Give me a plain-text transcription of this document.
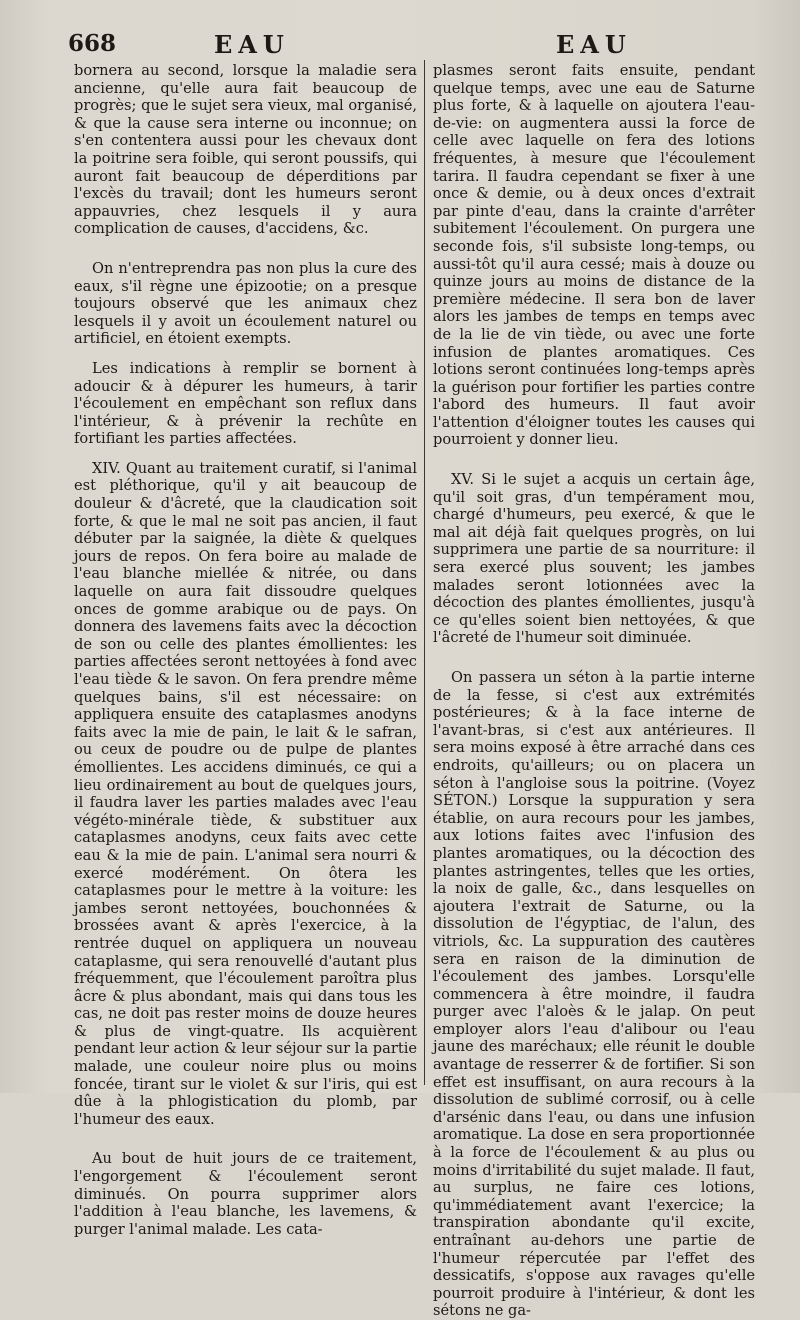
668	EAU	EAU

bornera au second, lorsque la maladie sera ancienne, qu'elle aura fait beaucoup de progrès; que le sujet sera vieux, mal organisé, & que la cause sera interne ou inconnue; on s'en contentera aussi pour les chevaux dont la poitrine sera foible, qui seront poussifs, qui auront fait beaucoup de déperditions par l'excès du travail; dont les humeurs seront appauvries, chez lesquels il y aura complication de causes, d'accidens, &c.

On n'entreprendra pas non plus la cure des eaux, s'il règne une épizootie; on a presque toujours observé que les animaux chez lesquels il y avoit un écoulement naturel ou artificiel, en étoient exempts.

Les indications à remplir se bornent à adoucir & à dépurer les humeurs, à tarir l'écoulement en empêchant son reflux dans l'intérieur, & à prévenir la rechûte en fortifiant les parties affectées.

XIV. Quant au traitement curatif, si l'animal est pléthorique, qu'il y ait beaucoup de douleur & d'âcreté, que la claudication soit forte, & que le mal ne soit pas ancien, il faut débuter par la saignée, la diète & quelques jours de repos. On fera boire au malade de l'eau blanche miellée & nitrée, ou dans laquelle on aura fait dissoudre quelques onces de gomme arabique ou de pays. On donnera des lavemens faits avec la décoction de son ou celle des plantes émollientes: les parties affectées seront nettoyées à fond avec l'eau tiède & le savon. On fera prendre même quelques bains, s'il est nécessaire: on appliquera ensuite des cataplasmes anodyns faits avec la mie de pain, le lait & le safran, ou ceux de poudre ou de pulpe de plantes émollientes. Les accidens diminués, ce qui a lieu ordinairement au bout de quelques jours, il faudra laver les parties malades avec l'eau végéto-minérale tiède, & substituer aux cataplasmes anodyns, ceux faits avec cette eau & la mie de pain. L'animal sera nourri & exercé modérément. On ôtera les cataplasmes pour le mettre à la voiture: les jambes seront nettoyées, bouchonnées & brossées avant & après l'exercice, à la rentrée duquel on appliquera un nouveau cataplasme, qui sera renouvellé d'autant plus fréquemment, que l'écoulement paroîtra plus âcre & plus abondant, mais qui dans tous les cas, ne doit pas rester moins de douze heures & plus de vingt-quatre. Ils acquièrent pendant leur action & leur séjour sur la partie malade, une couleur noire plus ou moins foncée, tirant sur le violet & sur l'iris, qui est dûe à la phlogistication du plomb, par l'humeur des eaux.

Au bout de huit jours de ce traitement, l'engorgement & l'écoulement seront diminués. On pourra supprimer alors l'addition à l'eau blanche, les lavemens, & purger l'animal malade. Les cata-

plasmes seront faits ensuite, pendant quelque temps, avec une eau de Saturne plus forte, & à laquelle on ajoutera l'eau-de-vie: on augmentera aussi la force de celle avec laquelle on fera des lotions fréquentes, à mesure que l'écoulement tarira. Il faudra cependant se fixer à une once & demie, ou à deux onces d'extrait par pinte d'eau, dans la crainte d'arrêter subitement l'écoulement. On purgera une seconde fois, s'il subsiste long-temps, ou aussi-tôt qu'il aura cessé; mais à douze ou quinze jours au moins de distance de la première médecine. Il sera bon de laver alors les jambes de temps en temps avec de la lie de vin tiède, ou avec une forte infusion de plantes aromatiques. Ces lotions seront continuées long-temps après la guérison pour fortifier les parties contre l'abord des humeurs. Il faut avoir l'attention d'éloigner toutes les causes qui pourroient y donner lieu.

XV. Si le sujet a acquis un certain âge, qu'il soit gras, d'un tempérament mou, chargé d'humeurs, peu exercé, & que le mal ait déjà fait quelques progrès, on lui supprimera une partie de sa nourriture: il sera exercé plus souvent; les jambes malades seront lotionnées avec la décoction des plantes émollientes, jusqu'à ce qu'elles soient bien nettoyées, & que l'âcreté de l'humeur soit diminuée.

On passera un séton à la partie interne de la fesse, si c'est aux extrémités postérieures; & à la face interne de l'avant-bras, si c'est aux antérieures. Il sera moins exposé à être arraché dans ces endroits, qu'ailleurs; ou on placera un séton à l'angloise sous la poitrine. (Voyez SÉTON.) Lorsque la suppuration y sera établie, on aura recours pour les jambes, aux lotions faites avec l'infusion des plantes aromatiques, ou la décoction des plantes astringentes, telles que les orties, la noix de galle, &c., dans lesquelles on ajoutera l'extrait de Saturne, ou la dissolution de l'égyptiac, de l'alun, des vitriols, &c. La suppuration des cautères sera en raison de la diminution de l'écoulement des jambes. Lorsqu'elle commencera à être moindre, il faudra purger avec l'aloès & le jalap. On peut employer alors l'eau d'alibour ou l'eau jaune des maréchaux; elle réunit le double avantage de resserrer & de fortifier. Si son effet est insuffisant, on aura recours à la dissolution de sublimé corrosif, ou à celle d'arsénic dans l'eau, ou dans une infusion aromatique. La dose en sera proportionnée à la force de l'écoulement & au plus ou moins d'irritabilité du sujet malade. Il faut, au surplus, ne faire ces lotions, qu'immédiatement avant l'exercice; la transpiration abondante qu'il excite, entraînant au-dehors une partie de l'humeur répercutée par l'effet des dessicatifs, s'oppose aux ravages qu'elle pourroit produire à l'intérieur, & dont les sétons ne ga-
